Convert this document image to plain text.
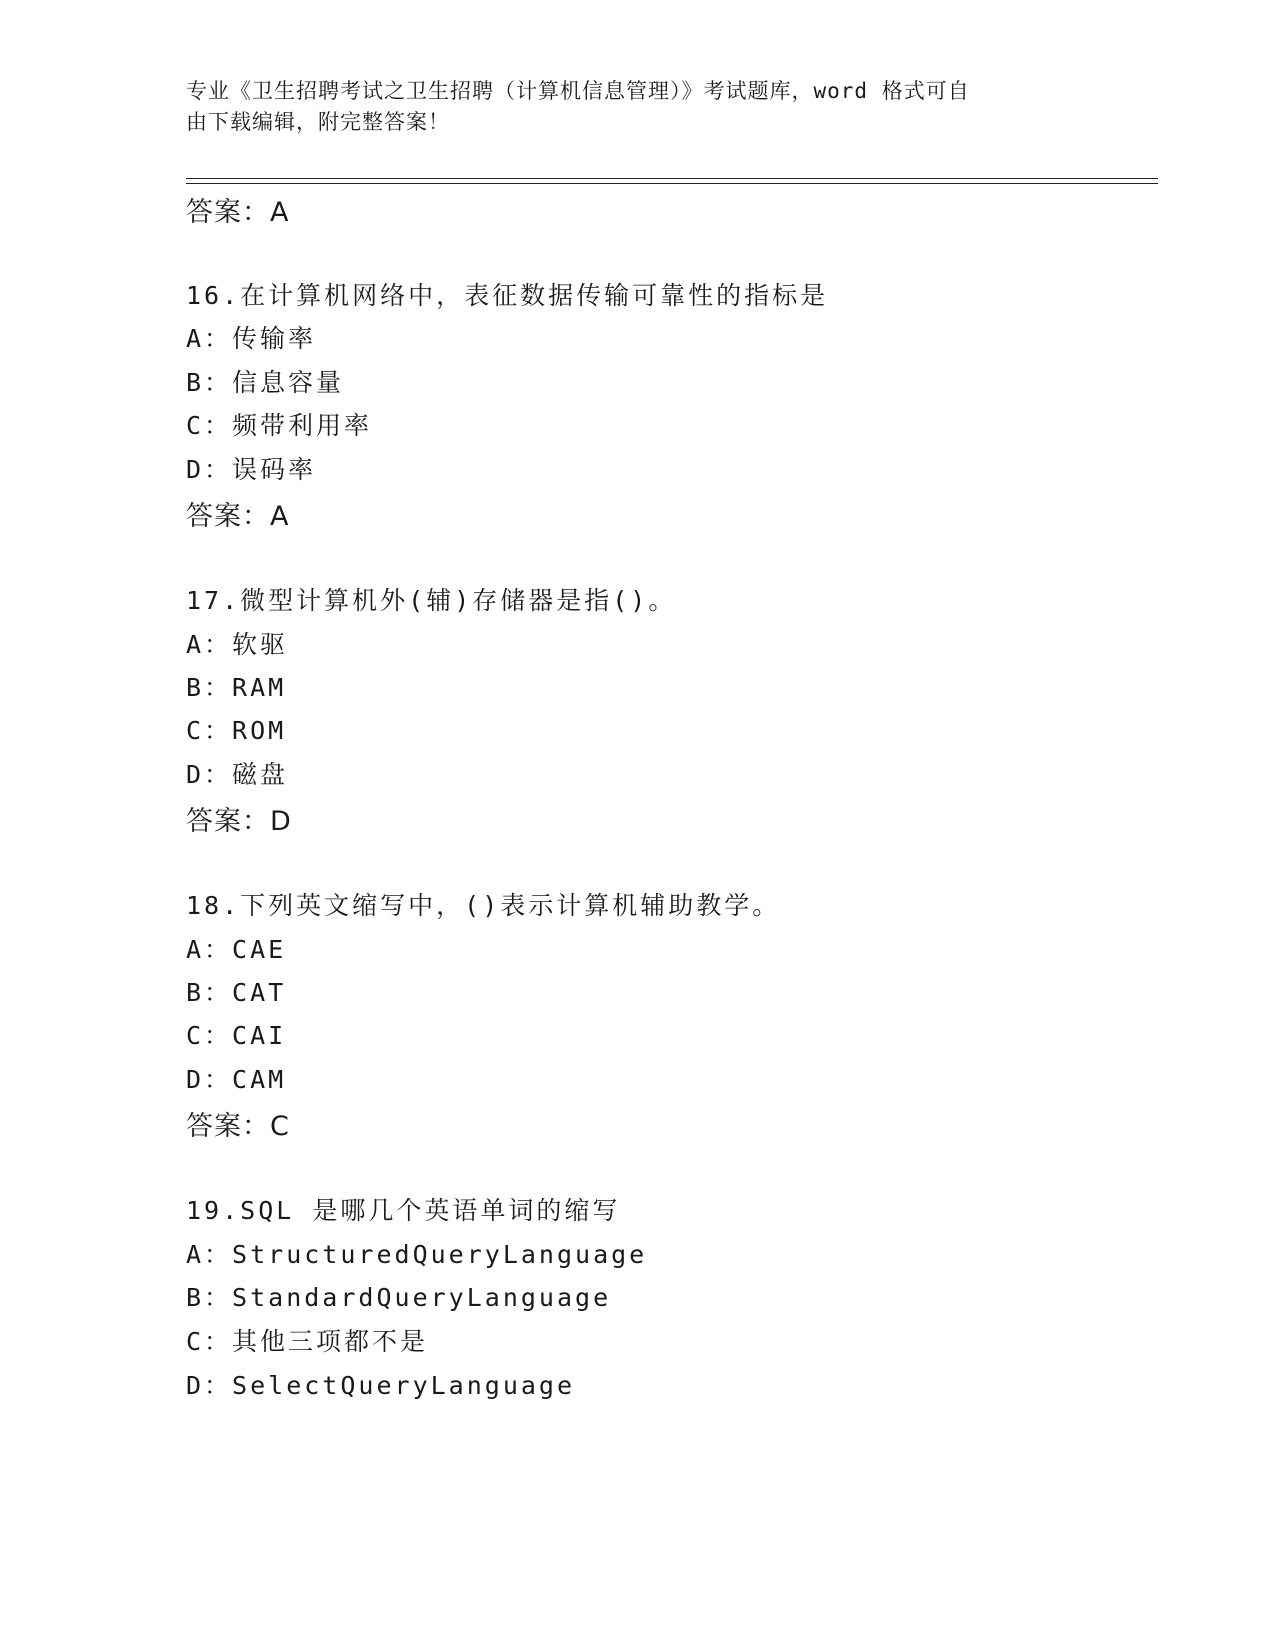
专业《卫生招聘考试之卫生招聘（计算机信息管理）》考试题库，word 格式可自
由下载编辑，附完整答案！
答案：A
16.在计算机网络中，表征数据传输可靠性的指标是
A：传输率
B：信息容量
C：频带利用率
D：误码率
答案：A
17.微型计算机外(辅)存储器是指()。
A：软驱
B：RAM
C：ROM
D：磁盘
答案：D
18.下列英文缩写中，()表示计算机辅助教学。
A：CAE
B：CAT
C：CAI
D：CAM
答案：C
19.SQL 是哪几个英语单词的缩写
A：StructuredQueryLanguage
B：StandardQueryLanguage
C：其他三项都不是
D：SelectQueryLanguage
